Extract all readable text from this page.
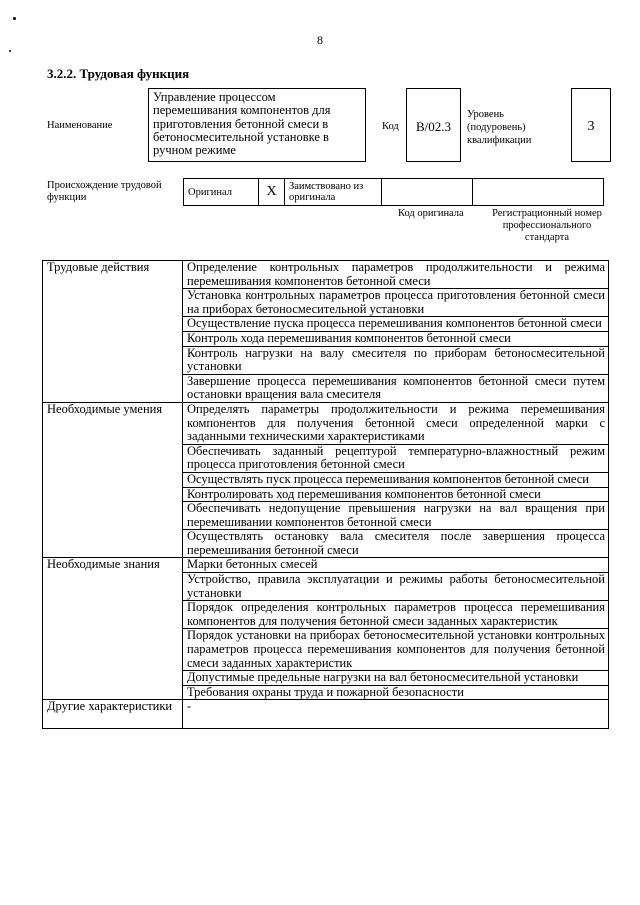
8
3.2.2. Трудовая функция
Наименование
Управление процессом перемешивания компонентов для приготовления бетонной смеси в бетоносмесительной установке в ручном режиме
Код	B/02.3
Уровень (подуровень) квалификации
3
Происхождение трудовой функции	Оригинал	X	Заимствовано из оригинала		
Код оригинала	Регистрационный номер профессионального стандарта
Трудовые действия	Определение контрольных параметров продолжительности и режима перемешивания компонентов бетонной смеси
	Установка контрольных параметров процесса приготовления бетонной смеси на приборах бетоносмесительной установки
	Осуществление пуска процесса перемешивания компонентов бетонной смеси
	Контроль хода перемешивания компонентов бетонной смеси
	Контроль нагрузки на валу смесителя по приборам бетоносмесительной установки
	Завершение процесса перемешивания компонентов бетонной смеси путем остановки вращения вала смесителя
Необходимые умения	Определять параметры продолжительности и режима перемешивания компонентов для получения бетонной смеси определенной марки с заданными техническими характеристиками
	Обеспечивать заданный рецептурой температурно-влажностный режим процесса приготовления бетонной смеси
	Осуществлять пуск процесса перемешивания компонентов бетонной смеси
	Контролировать ход перемешивания компонентов бетонной смеси
	Обеспечивать недопущение превышения нагрузки на вал вращения при перемешивании компонентов бетонной смеси
	Осуществлять остановку вала смесителя после завершения процесса перемешивания бетонной смеси
Необходимые знания	Марки бетонных смесей
	Устройство, правила эксплуатации и режимы работы бетоносмесительной установки
	Порядок определения контрольных параметров процесса перемешивания компонентов для получения бетонной смеси заданных характеристик
	Порядок установки на приборах бетоносмесительной установки контрольных параметров процесса перемешивания компонентов для получения бетонной смеси заданных характеристик
	Допустимые предельные нагрузки на вал бетоносмесительной установки
	Требования охраны труда и пожарной безопасности
Другие характеристики	-
